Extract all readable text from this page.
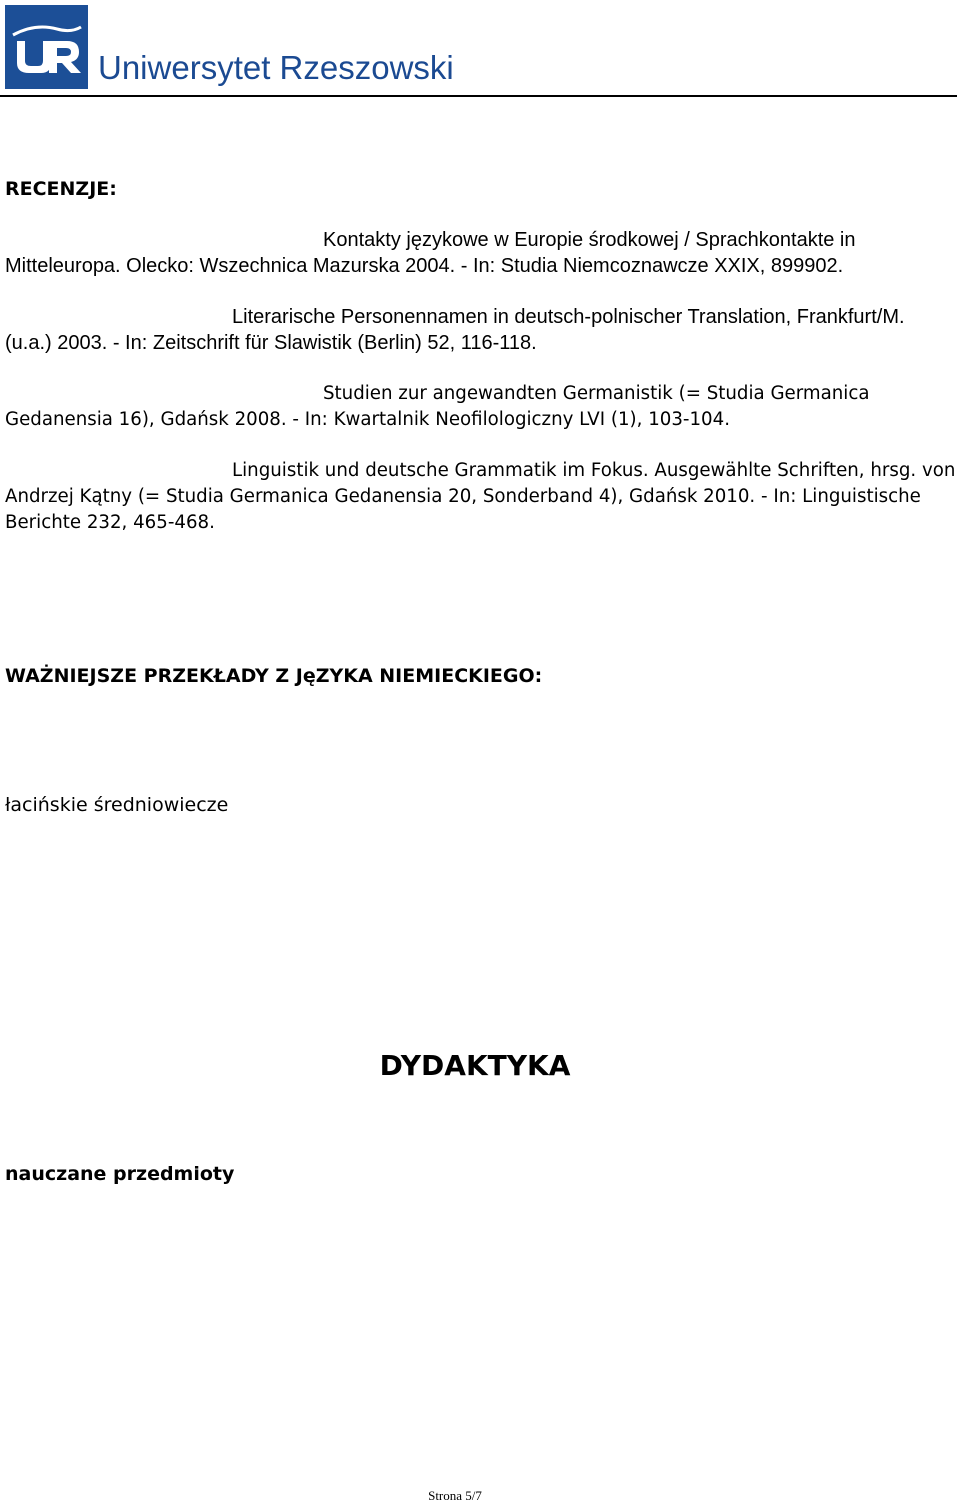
Uniwersytet Rzeszowski
RECENZJE:
Kontakty językowe w Europie środkowej / Sprachkontakte in
Mitteleuropa. Olecko: Wszechnica Mazurska 2004. - In: Studia Niemcoznawcze XXIX, 899902.
Literarische Personennamen in deutsch-polnischer Translation, Frankfurt/M.
(u.a.) 2003. - In: Zeitschrift für Slawistik (Berlin) 52, 116-118.
Studien zur angewandten Germanistik (= Studia Germanica
Gedanensia 16), Gdańsk 2008. - In: Kwartalnik Neofilologiczny LVI (1), 103-104.
Linguistik und deutsche Grammatik im Fokus. Ausgewählte Schriften, hrsg. von
Andrzej Kątny (= Studia Germanica Gedanensia 20, Sonderband 4), Gdańsk 2010. - In: Linguistische
Berichte 232, 465-468.
WAŻNIEJSZE PRZEKŁADY Z JęZYKA NIEMIECKIEGO:
łacińskie średniowiecze
DYDAKTYKA
nauczane przedmioty
Strona 5/7
